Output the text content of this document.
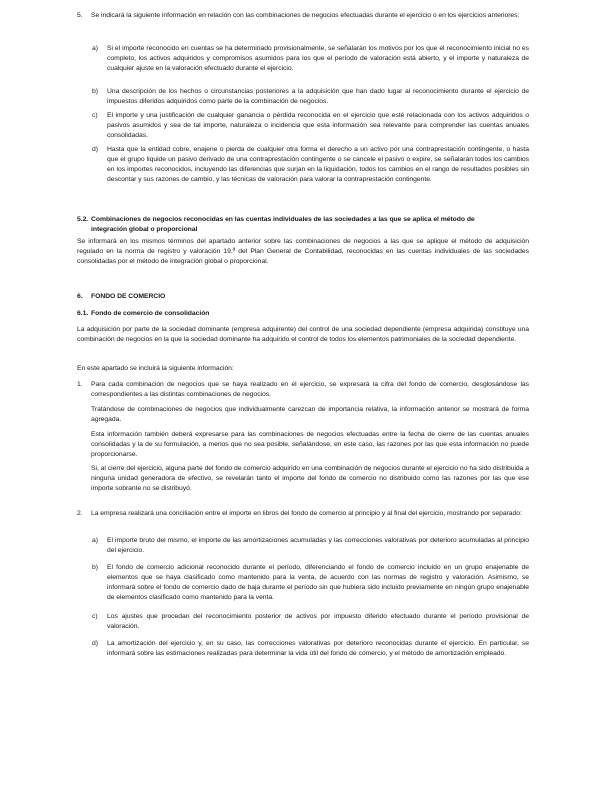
5. Se indicará la siguiente información en relación con las combinaciones de negocios efectuadas durante el ejercicio o en los ejercicios anteriores:
a) Si el importe reconocido en cuentas se ha determinado provisionalmente, se señalarán los motivos por los que el reconocimiento inicial no es completo, los activos adquiridos y compromisos asumidos para los que el período de valoración está abierto, y el importe y naturaleza de cualquier ajuste en la valoración efectuado durante el ejercicio.
b) Una descripción de los hechos o circunstancias posteriores a la adquisición que han dado lugar al reconocimiento durante el ejercicio de impuestos diferidos adquiridos como parte de la combinación de negocios.
c) El importe y una justificación de cualquier ganancia o pérdida reconocida en el ejercicio que esté relacionada con los activos adquiridos o pasivos asumidos y sea de tal importe, naturaleza o incidencia que esta información sea relevante para comprender las cuentas anuales consolidadas.
d) Hasta que la entidad cobre, enajene o pierda de cualquier otra forma el derecho a un activo por una contraprestación contingente, o hasta que el grupo liquide un pasivo derivado de una contraprestación contingente o se cancele el pasivo o expire, se señalarán todos los cambios en los importes reconocidos, incluyendo las diferencias que surjan en la liquidación, todos los cambios en el rango de resultados posibles sin descontar y sus razones de cambio, y las técnicas de valoración para valorar la contraprestación contingente.
5.2. Combinaciones de negocios reconocidas en las cuentas individuales de las sociedades a las que se aplica el método de integración global o proporcional
Se informará en los mismos términos del apartado anterior sobre las combinaciones de negocios a las que se aplique el método de adquisición regulado en la norma de registro y valoración 19.ª del Plan General de Contabilidad, reconocidas en las cuentas individuales de las sociedades consolidadas por el método de integración global o proporcional.
6. FONDO DE COMERCIO
6.1. Fondo de comercio de consolidación
La adquisición por parte de la sociedad dominante (empresa adquirente) del control de una sociedad dependiente (empresa adquirida) constituye una combinación de negocios en la que la sociedad dominante ha adquirido el control de todos los elementos patrimoniales de la sociedad dependiente.
En este apartado se incluirá la siguiente información:
1. Para cada combinación de negocios que se haya realizado en el ejercicio, se expresará la cifra del fondo de comercio, desglosándose las correspondientes a las distintas combinaciones de negocios.
Tratándose de combinaciones de negocios que individualmente carezcan de importancia relativa, la información anterior se mostrará de forma agregada.
Esta información también deberá expresarse para las combinaciones de negocios efectuadas entre la fecha de cierre de las cuentas anuales consolidadas y la de su formulación, a menos que no sea posible, señalándose, en este caso, las razones por las que esta información no puede proporcionarse.
Si, al cierre del ejercicio, alguna parte del fondo de comercio adquirido en una combinación de negocios durante el ejercicio no ha sido distribuida a ninguna unidad generadora de efectivo, se revelarán tanto el importe del fondo de comercio no distribuido como las razones por las que ese importe sobrante no se distribuyó.
2. La empresa realizará una conciliación entre el importe en libros del fondo de comercio al principio y al final del ejercicio, mostrando por separado:
a) El importe bruto del mismo, el importe de las amortizaciones acumuladas y las correcciones valorativas por deterioro acumuladas al principio del ejercicio.
b) El fondo de comercio adicional reconocido durante el período, diferenciando el fondo de comercio incluido en un grupo enajenable de elementos que se haya clasificado como mantenido para la venta, de acuerdo con las normas de registro y valoración. Asimismo, se informará sobre el fondo de comercio dado de baja durante el período sin que hubiera sido incluido previamente en ningún grupo enajenable de elementos clasificado como mantenido para la venta.
c) Los ajustes que procedan del reconocimiento posterior de activos por impuesto diferido efectuado durante el período provisional de valoración.
d) La amortización del ejercicio y, en su caso, las correcciones valorativas por deterioro reconocidas durante el ejercicio. En particular, se informará sobre las estimaciones realizadas para determinar la vida útil del fondo de comercio, y el método de amortización empleado.
